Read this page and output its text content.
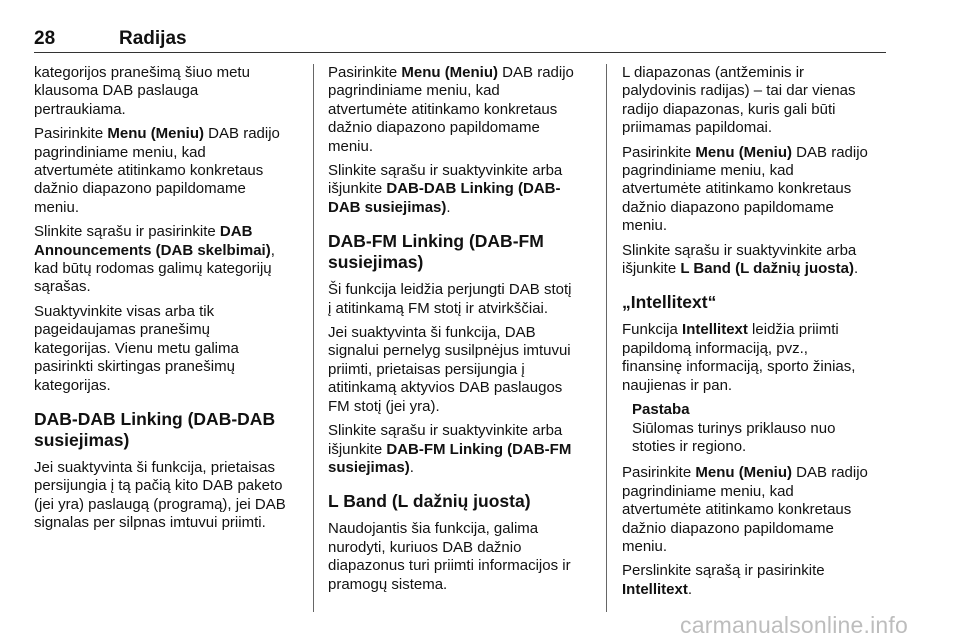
28	Radijas

kategorijos pranešimą šiuo metu
klausoma DAB paslauga
pertraukiama.

Pasirinkite Menu (Meniu) DAB radijo
pagrindiniame meniu, kad
atvertumėte atitinkamo konkretaus
dažnio diapazono papildomame
meniu.

Slinkite sąrašu ir pasirinkite DAB
Announcements (DAB skelbimai),
kad būtų rodomas galimų kategorijų
sąrašas.

Suaktyvinkite visas arba tik
pageidaujamas pranešimų
kategorijas. Vienu metu galima
pasirinkti skirtingas pranešimų
kategorijas.

DAB-DAB Linking (DAB-DAB
susiejimas)

Jei suaktyvinta ši funkcija, prietaisas
persijungia į tą pačią kito DAB paketo
(jei yra) paslaugą (programą), jei DAB
signalas per silpnas imtuvui priimti.

Pasirinkite Menu (Meniu) DAB radijo
pagrindiniame meniu, kad
atvertumėte atitinkamo konkretaus
dažnio diapazono papildomame
meniu.

Slinkite sąrašu ir suaktyvinkite arba
išjunkite DAB-DAB Linking (DAB-
DAB susiejimas).

DAB-FM Linking (DAB-FM
susiejimas)

Ši funkcija leidžia perjungti DAB stotį
į atitinkamą FM stotį ir atvirkščiai.

Jei suaktyvinta ši funkcija, DAB
signalui pernelyg susilpnėjus imtuvui
priimti, prietaisas persijungia į
atitinkamą aktyvios DAB paslaugos
FM stotį (jei yra).

Slinkite sąrašu ir suaktyvinkite arba
išjunkite DAB-FM Linking (DAB-FM
susiejimas).

L Band (L dažnių juosta)

Naudojantis šia funkcija, galima
nurodyti, kuriuos DAB dažnio
diapazonus turi priimti informacijos ir
pramogų sistema.

L diapazonas (antžeminis ir
palydovinis radijas) – tai dar vienas
radijo diapazonas, kuris gali būti
priimamas papildomai.

Pasirinkite Menu (Meniu) DAB radijo
pagrindiniame meniu, kad
atvertumėte atitinkamo konkretaus
dažnio diapazono papildomame
meniu.

Slinkite sąrašu ir suaktyvinkite arba
išjunkite L Band (L dažnių juosta).

„Intellitext“

Funkcija Intellitext leidžia priimti
papildomą informaciją, pvz.,
finansinę informaciją, sporto žinias,
naujienas ir pan.

Pastaba
Siūlomas turinys priklauso nuo
stoties ir regiono.

Pasirinkite Menu (Meniu) DAB radijo
pagrindiniame meniu, kad
atvertumėte atitinkamo konkretaus
dažnio diapazono papildomame
meniu.

Perslinkite sąrašą ir pasirinkite
Intellitext.

carmanualsonline.info
